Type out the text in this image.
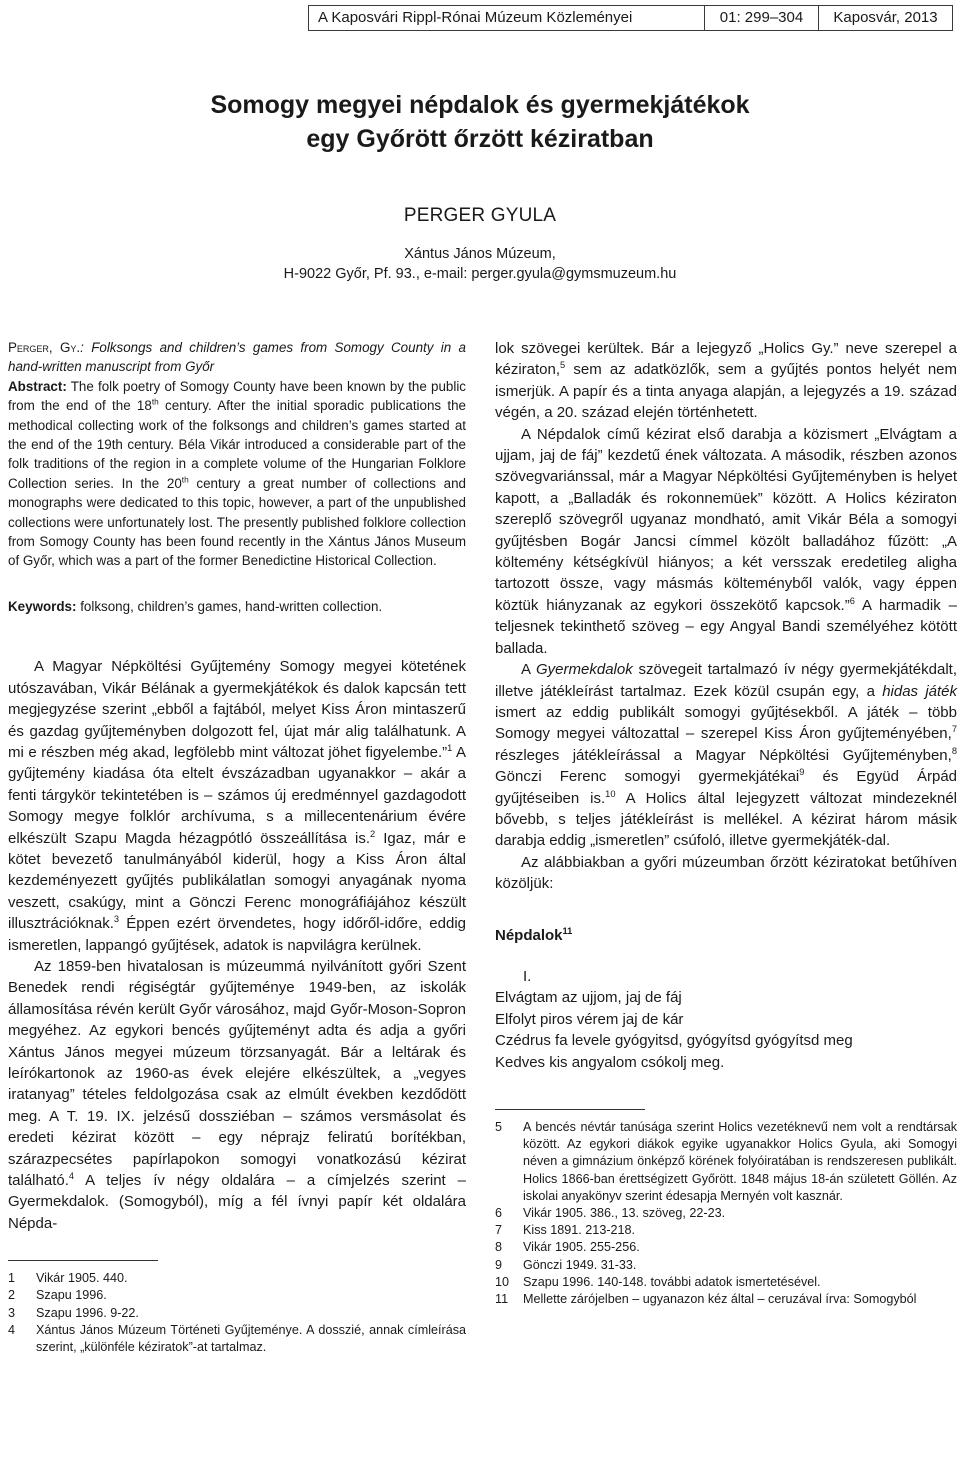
A Kaposvári Rippl-Rónai Múzeum Közleményei	01: 299–304	Kaposvár, 2013
Somogy megyei népdalok és gyermekjátékok
egy Győrött őrzött kéziratban
PERGER GYULA
Xántus János Múzeum,
H-9022 Győr, Pf. 93., e-mail: perger.gyula@gymsmuzeum.hu
Perger, Gy.: Folksongs and children’s games from Somogy County in a hand-written manuscript from Győr
Abstract: The folk poetry of Somogy County have been known by the public from the end of the 18th century. After the initial sporadic publications the methodical collecting work of the folksongs and children’s games started at the end of the 19th century. Béla Vikár introduced a considerable part of the folk traditions of the region in a complete volume of the Hungarian Folklore Collection series. In the 20th century a great number of collections and monographs were dedicated to this topic, however, a part of the unpublished collections were unfortunately lost. The presently published folklore collection from Somogy County has been found recently in the Xántus János Museum of Győr, which was a part of the former Benedictine Historical Collection.
Keywords: folksong, children’s games, hand-written collection.

A Magyar Népköltési Gyűjtemény Somogy megyei kötetének utószavában, Vikár Bélának a gyermekjátékok és dalok kapcsán tett megjegyzése szerint „ebből a fajtából, melyet Kiss Áron mintaszerű és gazdag gyűjteményben dolgozott fel, újat már alig találhatunk. A mi e részben még akad, legfölebb mint változat jöhet figyelembe.”$^1$ A gyűjtemény kiadása óta eltelt évszázadban ugyanakkor – akár a fenti tárgykör tekintetében is – számos új eredménnyel gazdagodott Somogy megye folklór archívuma, s a millecentenárium évére elkészült Szapu Magda hézagpótló összeállítása is.$^2$ Igaz, már e kötet bevezető tanulmányából kiderül, hogy a Kiss Áron által kezdeményezett gyűjtés publikálatlan somogyi anyagának nyoma veszett, csakúgy, mint a Gönczi Ferenc monográfiájához készült illusztrációknak.$^3$ Éppen ezért örvendetes, hogy időről-időre, eddig ismeretlen, lappangó gyűjtések, adatok is napvilágra kerülnek.

Az 1859-ben hivatalosan is múzeummá nyilvánított győri Szent Benedek rendi régiségtár gyűjteménye 1949-ben, az iskolák államosítása révén került Győr városához, majd Győr-Moson-Sopron megyéhez. Az egykori bencés gyűjteményt adta és adja a győri Xántus János megyei múzeum törzsanyagát. Bár a leltárak és leírókartonok az 1960-as évek elejére elkészültek, a „vegyes iratanyag” tételes feldolgozása csak az elmúlt években kezdődött meg. A T. 19. IX. jelzésű dossziéban – számos versmásolat és eredeti kézirat között – egy néprajz feliratú borítékban, szárazpecsétes papírlapokon somogyi vonatkozású kézirat található.$^4$ A teljes ív négy oldalára – a címjelzés szerint – Gyermekdalok. (Somogyból), míg a fél ívnyi papír két oldalára Népda-

1	Vikár 1905. 440.
2	Szapu 1996.
3	Szapu 1996. 9-22.
4	Xántus János Múzeum Történeti Gyűjteménye. A dosszié, annak címleírása szerint, „különféle kéziratok”-at tartalmaz.

lok szövegei kerültek. Bár a lejegyző „Holics Gy.” neve szerepel a kéziraton,$^5$ sem az adatközlők, sem a gyűjtés pontos helyét nem ismerjük. A papír és a tinta anyaga alapján, a lejegyzés a 19. század végén, a 20. század elején történhetett.

A Népdalok című kézirat első darabja a közismert „Elvágtam a ujjam, jaj de fáj” kezdetű ének változata. A második, részben azonos szövegvariánssal, már a Magyar Népköltési Gyűjteményben is helyet kapott, a „Balladák és rokonnemüek” között. A Holics kéziraton szereplő szövegről ugyanaz mondható, amit Vikár Béla a somogyi gyűjtésben Bogár Jancsi címmel közölt balladához fűzött: „A költemény kétségkívül hiányos; a két versszak eredetileg aligha tartozott össze, vagy másmás költeményből valók, vagy éppen köztük hiányzanak az egykori összekötő kapcsok.”$^6$ A harmadik – teljesnek tekinthető szöveg – egy Angyal Bandi személyéhez kötött ballada.

A Gyermekdalok szövegeit tartalmazó ív négy gyermekjátékdalt, illetve játékleírást tartalmaz. Ezek közül csupán egy, a hidas játék ismert az eddig publikált somogyi gyűjtésekből. A játék – több Somogy megyei változattal – szerepel Kiss Áron gyűjteményében,$^7$ részleges játékleírással a Magyar Népköltési Gyűjteményben,$^8$ Gönczi Ferenc somogyi gyermekjátékai$^9$ és Együd Árpád gyűjtéseiben is.$^{10}$ A Holics által lejegyzett változat mindezeknél bővebb, s teljes játékleírást is mellékel. A kézirat három másik darabja eddig „ismeretlen” csúfoló, illetve gyermekjáték-dal.

Az alábbiakban a győri múzeumban őrzött kéziratokat betűhíven közöljük:

Népdalok$^{11}$
I.
Elvágtam az ujjom, jaj de fáj
Elfolyt piros vérem jaj de kár
Czédrus fa levele gyógyitsd, gyógyítsd gyógyítsd meg
Kedves kis angyalom csókolj meg.
5	A bencés névtár tanúsága szerint Holics vezetéknevű nem volt a rendtársak között. Az egykori diákok egyike ugyanakkor Holics Gyula, aki Somogyi néven a gimnázium önképző körének folyóiratában is rendszeresen publikált. Holics 1866-ban érettségizett Győrött. 1848 május 18-án született Göllén. Az iskolai anyakönyv szerint édesapja Mernyén volt kasznár.
6	Vikár 1905. 386., 13. szöveg, 22-23.
7	Kiss 1891. 213-218.
8	Vikár 1905. 255-256.
9	Gönczi 1949. 31-33.
10	Szapu 1996. 140-148. további adatok ismertetésével.
11	Mellette zárójelben – ugyanazon kéz által – ceruzával írva: Somogyból
